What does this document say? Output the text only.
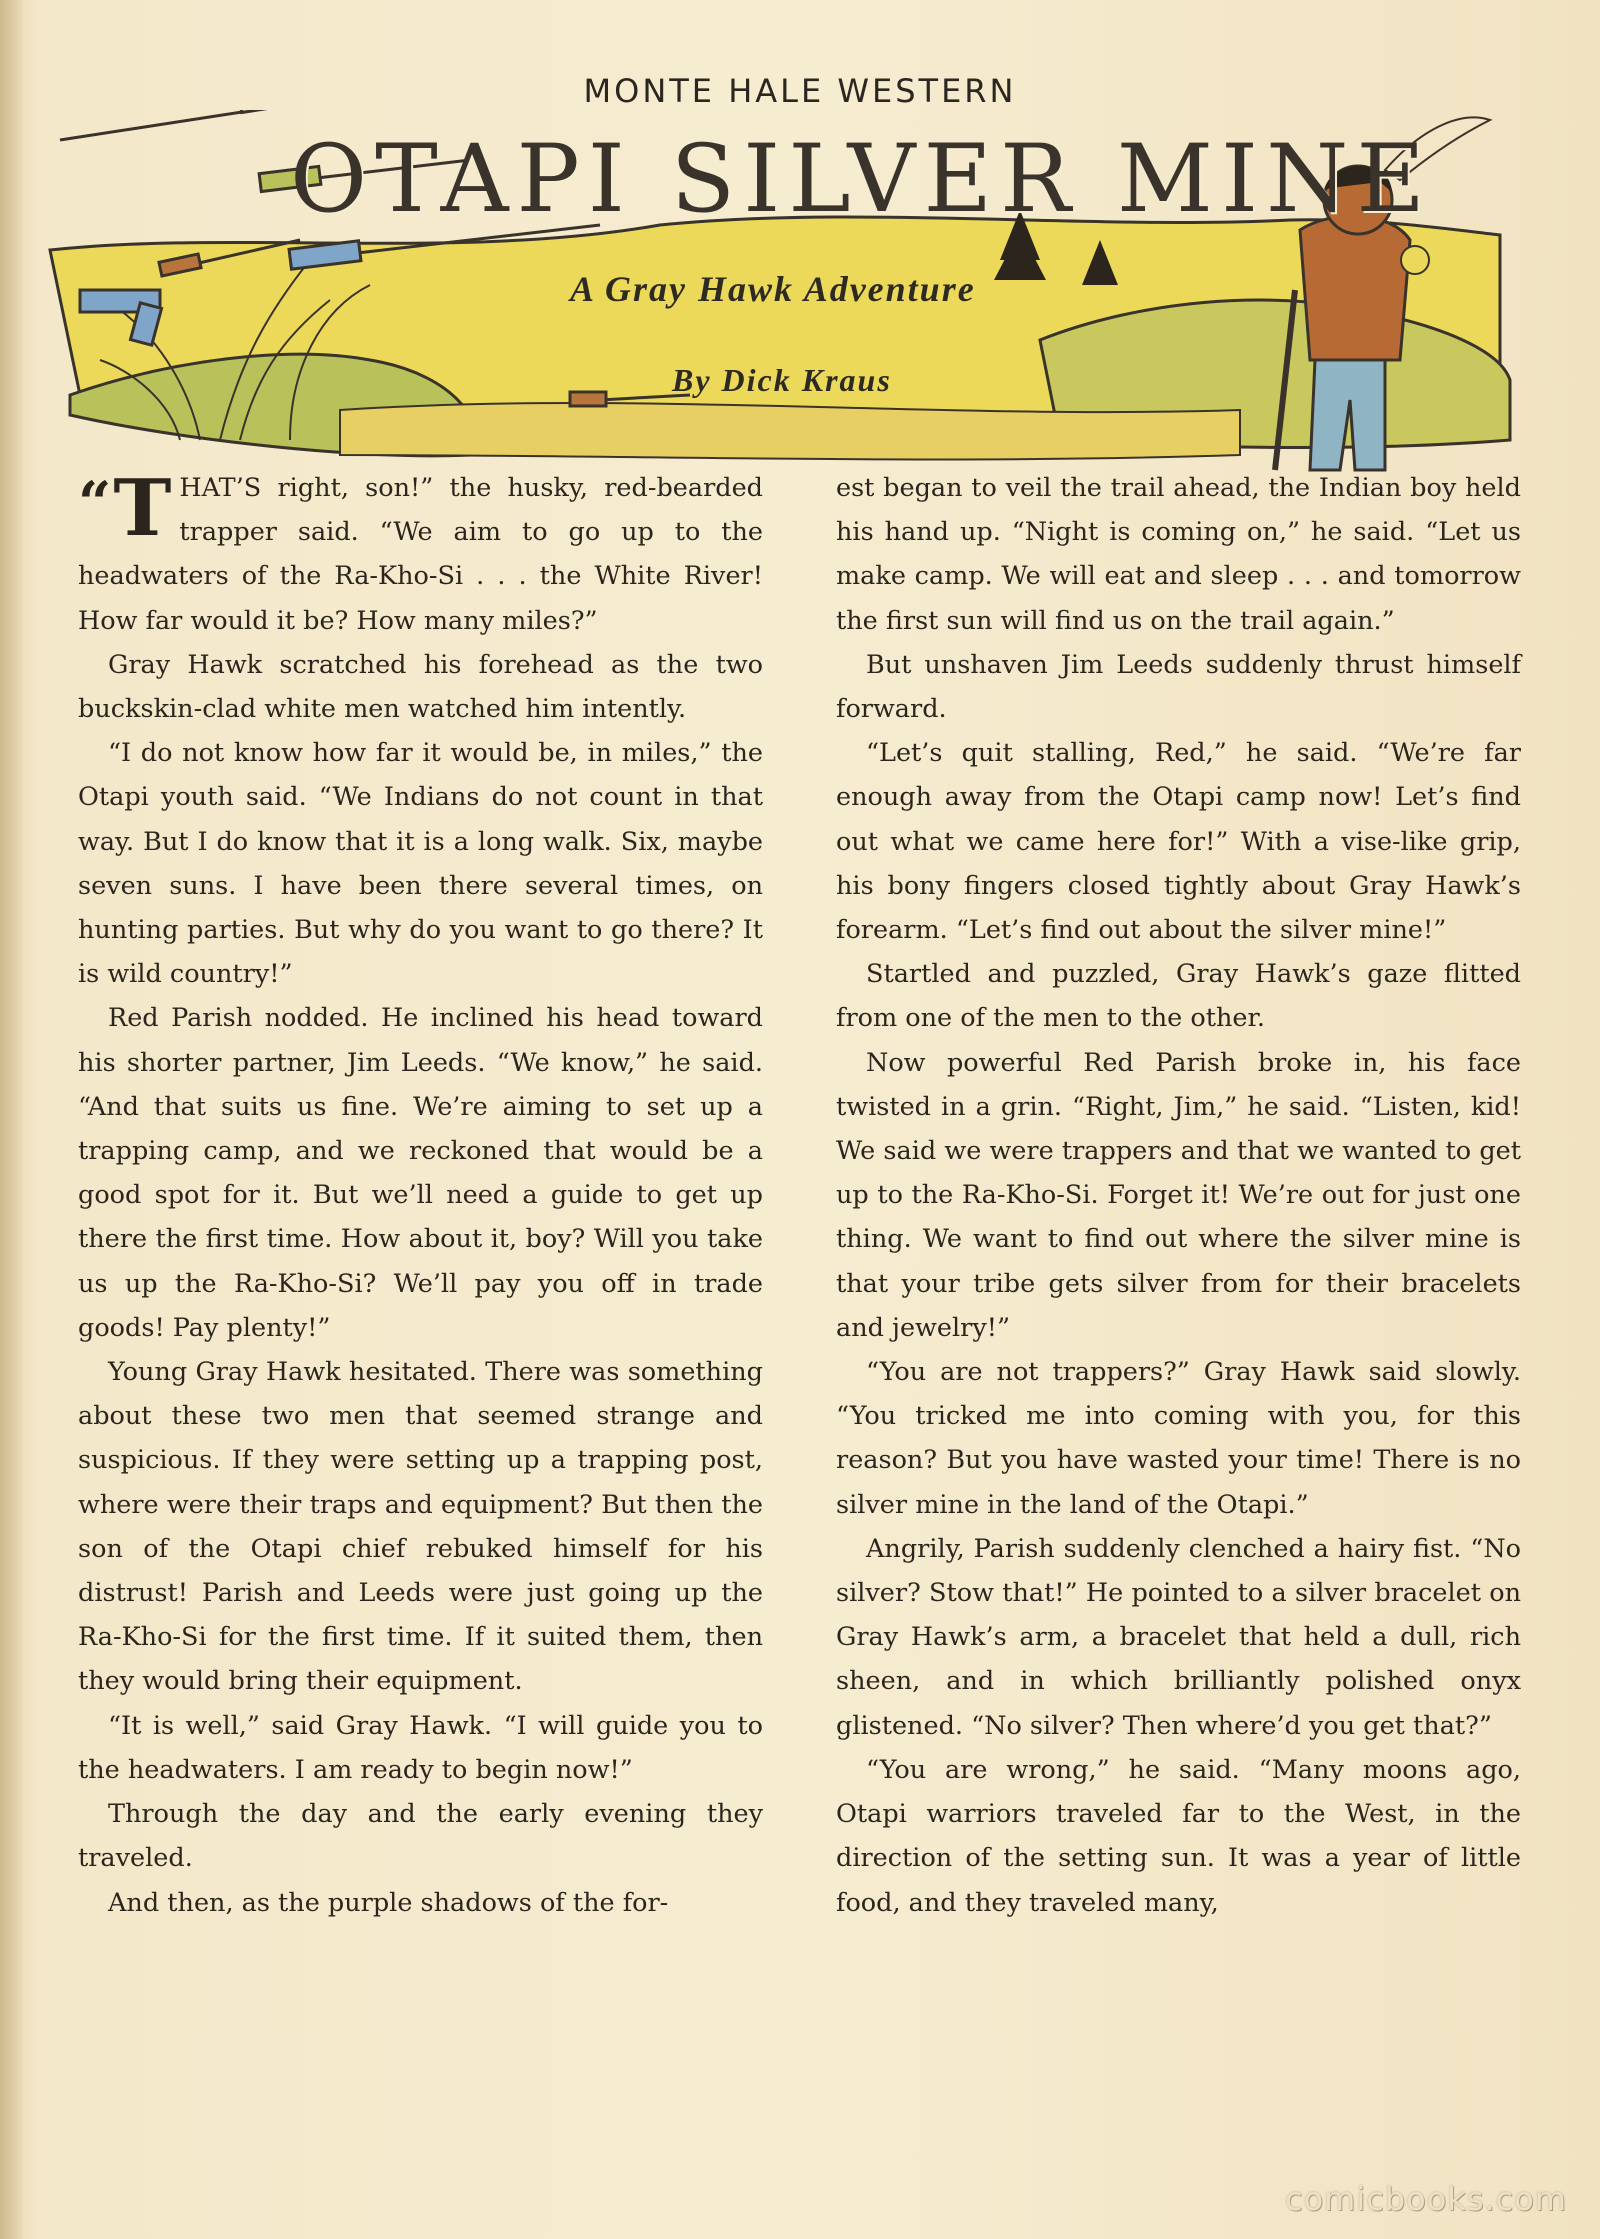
MONTE HALE WESTERN
OTAPI SILVER MINE
A Gray Hawk Adventure
By Dick Kraus
“ T HAT’S right, son!” the husky, red-bearded trapper said. “We aim to go up to the headwaters of the Ra-Kho-Si . . . the White River! How far would it be? How many miles?”

Gray Hawk scratched his forehead as the two buckskin-clad white men watched him intently.

“I do not know how far it would be, in miles,” the Otapi youth said. “We Indians do not count in that way. But I do know that it is a long walk. Six, maybe seven suns. I have been there several times, on hunting parties. But why do you want to go there? It is wild country!”

Red Parish nodded. He inclined his head toward his shorter partner, Jim Leeds. “We know,” he said. “And that suits us fine. We’re aiming to set up a trapping camp, and we reckoned that would be a good spot for it. But we’ll need a guide to get up there the first time. How about it, boy? Will you take us up the Ra-Kho-Si? We’ll pay you off in trade goods! Pay plenty!”

Young Gray Hawk hesitated. There was something about these two men that seemed strange and suspicious. If they were setting up a trapping post, where were their traps and equipment? But then the son of the Otapi chief rebuked himself for his distrust! Parish and Leeds were just going up the Ra-Kho-Si for the first time. If it suited them, then they would bring their equipment.

“It is well,” said Gray Hawk. “I will guide you to the headwaters. I am ready to begin now!”

Through the day and the early evening they traveled.

And then, as the purple shadows of the for-

est began to veil the trail ahead, the Indian boy held his hand up. “Night is coming on,” he said. “Let us make camp. We will eat and sleep . . . and tomorrow the first sun will find us on the trail again.”

But unshaven Jim Leeds suddenly thrust himself forward.

“Let’s quit stalling, Red,” he said. “We’re far enough away from the Otapi camp now! Let’s find out what we came here for!” With a vise-like grip, his bony fingers closed tightly about Gray Hawk’s forearm. “Let’s find out about the silver mine!”

Startled and puzzled, Gray Hawk’s gaze flitted from one of the men to the other.

Now powerful Red Parish broke in, his face twisted in a grin. “Right, Jim,” he said. “Listen, kid! We said we were trappers and that we wanted to get up to the Ra-Kho-Si. Forget it! We’re out for just one thing. We want to find out where the silver mine is that your tribe gets silver from for their bracelets and jewelry!”

“You are not trappers?” Gray Hawk said slowly. “You tricked me into coming with you, for this reason? But you have wasted your time! There is no silver mine in the land of the Otapi.”

Angrily, Parish suddenly clenched a hairy fist. “No silver? Stow that!” He pointed to a silver bracelet on Gray Hawk’s arm, a bracelet that held a dull, rich sheen, and in which brilliantly polished onyx glistened. “No silver? Then where’d you get that?”

“You are wrong,” he said. “Many moons ago, Otapi warriors traveled far to the West, in the direction of the setting sun. It was a year of little food, and they traveled many,

comicbooks.com
